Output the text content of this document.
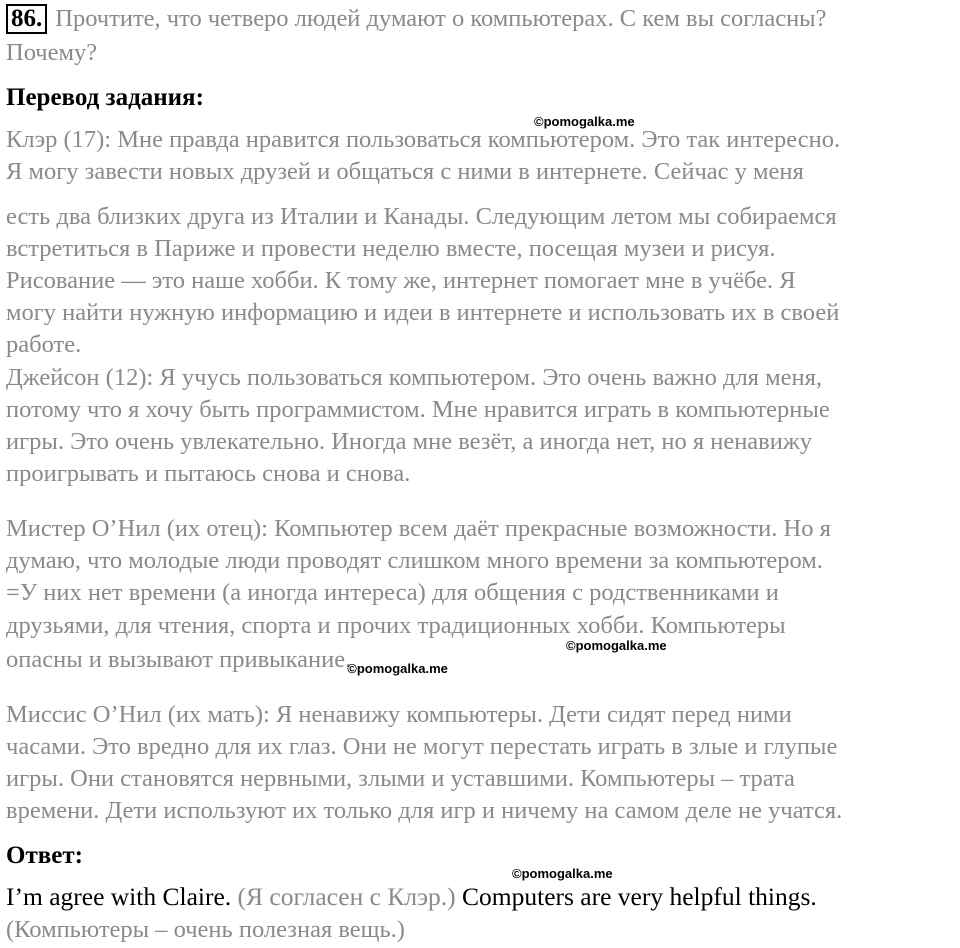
86. Прочтите, что четверо людей думают о компьютерах. С кем вы согласны?
Почему?
Перевод задания:
©pomogalka.me
Клэр (17): Мне правда нравится пользоваться компьютером. Это так интересно.
Я могу завести новых друзей и общаться с ними в интернете. Сейчас у меня
есть два близких друга из Италии и Канады. Следующим летом мы собираемся
встретиться в Париже и провести неделю вместе, посещая музеи и рисуя.
Рисование — это наше хобби. К тому же, интернет помогает мне в учёбе. Я
могу найти нужную информацию и идеи в интернете и использовать их в своей
работе.
Джейсон (12): Я учусь пользоваться компьютером. Это очень важно для меня,
потому что я хочу быть программистом. Мне нравится играть в компьютерные
игры. Это очень увлекательно. Иногда мне везёт, а иногда нет, но я ненавижу
проигрывать и пытаюсь снова и снова.
Мистер О’Нил (их отец): Компьютер всем даёт прекрасные возможности. Но я
думаю, что молодые люди проводят слишком много времени за компьютером.
=У них нет времени (а иногда интереса) для общения с родственниками и
друзьями, для чтения, спорта и прочих традиционных хобби. Компьютеры
©pomogalka.me
опасны и вызывают $привыкание._{©pomogalka.me}$
Миссис О’Нил (их мать): Я ненавижу компьютеры. Дети сидят перед ними
часами. Это вредно для их глаз. Они не могут перестать играть в злые и глупые
игры. Они становятся нервными, злыми и уставшими. Компьютеры – трата
времени. Дети используют их только для игр и ничему на самом деле не учатся.
Ответ:
©pomogalka.me
I’m agree with Claire. (Я согласен с Клэр.) Computers are very helpful things.
(Компьютеры – очень полезная вещь.)
